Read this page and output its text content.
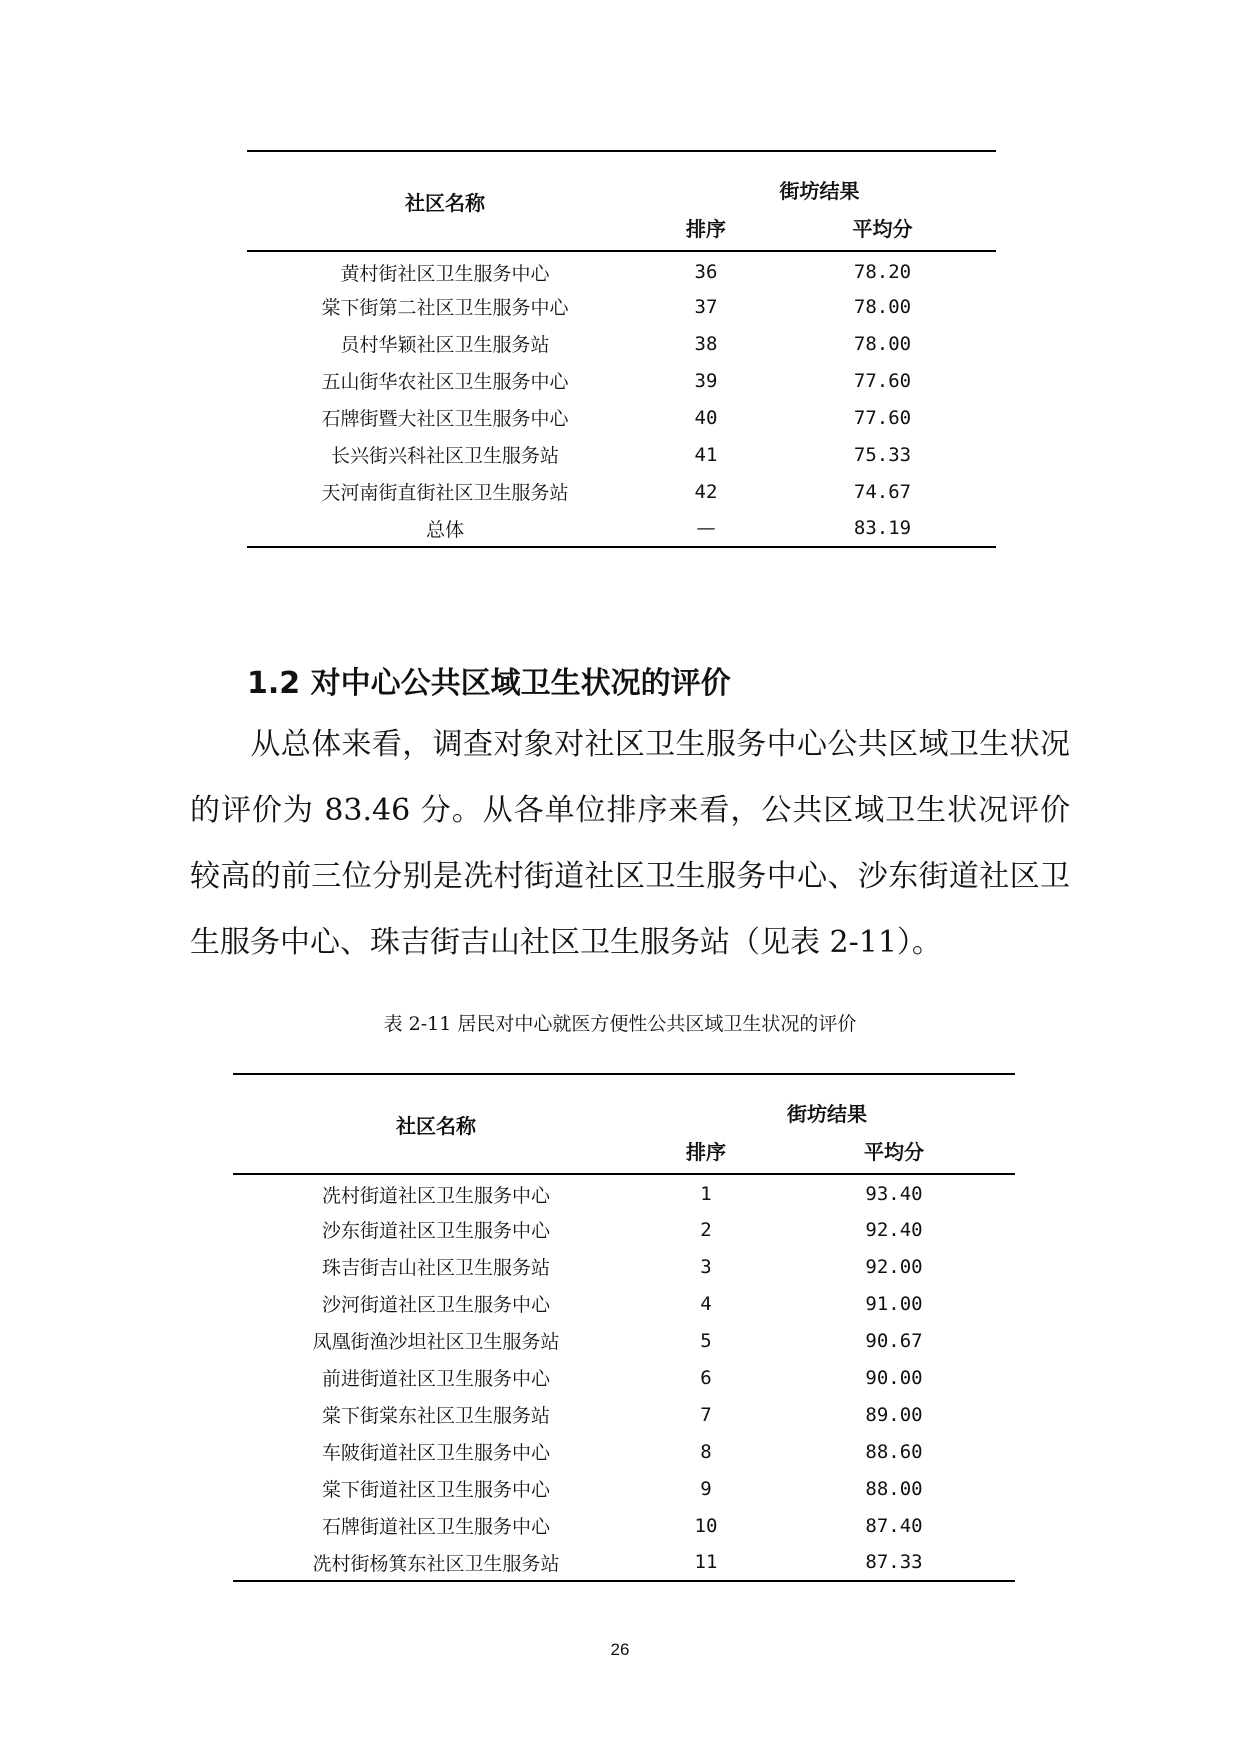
社区名称	街坊结果	
	排序	平均分
黄村街社区卫生服务中心	36	78.20
棠下街第二社区卫生服务中心	37	78.00
员村华颖社区卫生服务站	38	78.00
五山街华农社区卫生服务中心	39	77.60
石牌街暨大社区卫生服务中心	40	77.60
长兴街兴科社区卫生服务站	41	75.33
天河南街直街社区卫生服务站	42	74.67
总体	—	83.19
1.2 对中心公共区域卫生状况的评价

从总体来看，调查对象对社区卫生服务中心公共区域卫生状况的评价为 83.46 分。从各单位排序来看，公共区域卫生状况评价较高的前三位分别是冼村街道社区卫生服务中心、沙东街道社区卫生服务中心、珠吉街吉山社区卫生服务站（见表 2-11）。

表 2-11 居民对中心就医方便性公共区域卫生状况的评价

社区名称	街坊结果	
	排序	平均分
冼村街道社区卫生服务中心	1	93.40
沙东街道社区卫生服务中心	2	92.40
珠吉街吉山社区卫生服务站	3	92.00
沙河街道社区卫生服务中心	4	91.00
凤凰街渔沙坦社区卫生服务站	5	90.67
前进街道社区卫生服务中心	6	90.00
棠下街棠东社区卫生服务站	7	89.00
车陂街道社区卫生服务中心	8	88.60
棠下街道社区卫生服务中心	9	88.00
石牌街道社区卫生服务中心	10	87.40
冼村街杨箕东社区卫生服务站	11	87.33
26
